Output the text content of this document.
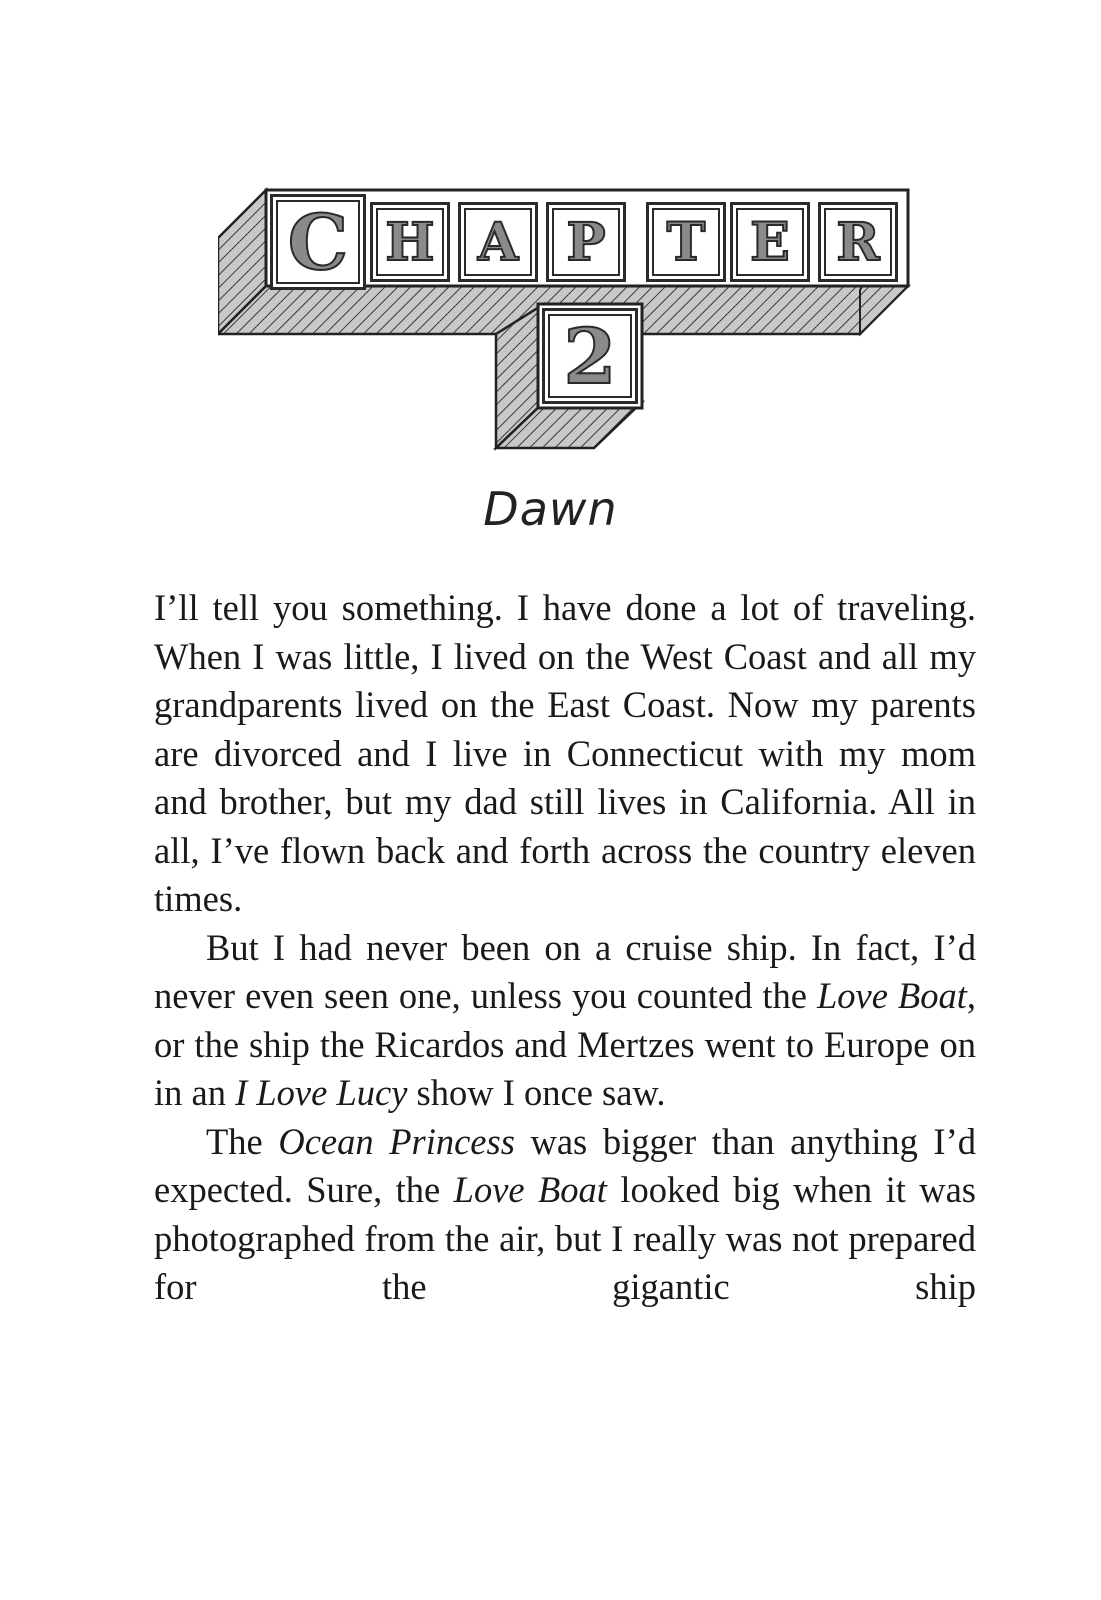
C H A P T E R
2
Dawn

I’ll tell you something. I have done a lot of traveling. When I was little, I lived on the West Coast and all my grandparents lived on the East Coast. Now my parents are divorced and I live in Connecticut with my mom and brother, but my dad still lives in California. All in all, I’ve flown back and forth across the country eleven times.

But I had never been on a cruise ship. In fact, I’d never even seen one, unless you counted the Love Boat, or the ship the Ricardos and Mertzes went to Europe on in an I Love Lucy show I once saw.

The Ocean Princess was bigger than anything I’d expected. Sure, the Love Boat looked big when it was photographed from the air, but I really was not prepared for the gigantic ship
